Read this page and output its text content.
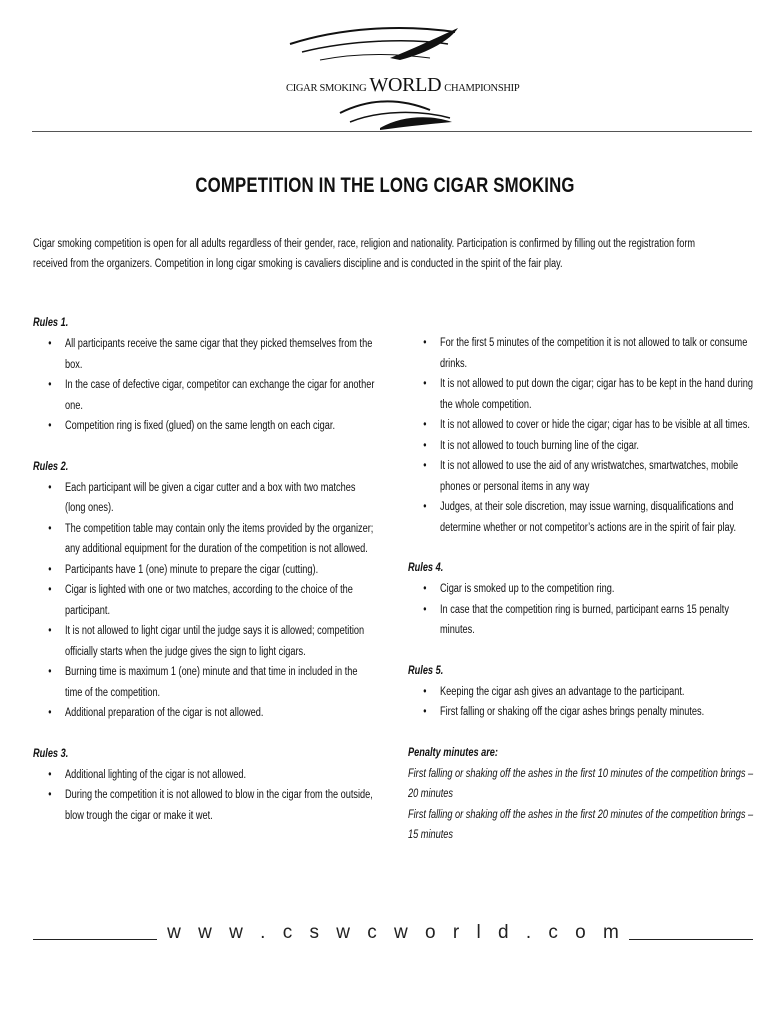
CIGAR SMOKING WORLD CHAMPIONSHIP
COMPETITION IN THE LONG CIGAR SMOKING
Cigar smoking competition is open for all adults regardless of their gender, race, religion and nationality. Participation is confirmed by filling out the registration form received from the organizers. Competition in long cigar smoking is cavaliers discipline and is conducted in the spirit of the fair play.
Rules 1.
• All participants receive the same cigar that they picked themselves from the box.
• In the case of defective cigar, competitor can exchange the cigar for another one.
• Competition ring is fixed (glued) on the same length on each cigar.
Rules 2.
• Each participant will be given a cigar cutter and a box with two matches (long ones).
• The competition table may contain only the items provided by the organizer; any additional equipment for the duration of the competition is not allowed.
• Participants have 1 (one) minute to prepare the cigar (cutting).
• Cigar is lighted with one or two matches, according to the choice of the participant.
• It is not allowed to light cigar until the judge says it is allowed; competition officially starts when the judge gives the sign to light cigars.
• Burning time is maximum 1 (one) minute and that time in included in the time of the competition.
• Additional preparation of the cigar is not allowed.
Rules 3.
• Additional lighting of the cigar is not allowed.
• During the competition it is not allowed to blow in the cigar from the outside, blow trough the cigar or make it wet.
• For the first 5 minutes of the competition it is not allowed to talk or consume drinks.
• It is not allowed to put down the cigar; cigar has to be kept in the hand during the whole competition.
• It is not allowed to cover or hide the cigar; cigar has to be visible at all times.
• It is not allowed to touch burning line of the cigar.
• It is not allowed to use the aid of any wristwatches, smartwatches, mobile phones or personal items in any way
• Judges, at their sole discretion, may issue warning, disqualifications and determine whether or not competitor’s actions are in the spirit of fair play.
Rules 4.
• Cigar is smoked up to the competition ring.
• In case that the competition ring is burned, participant earns 15 penalty minutes.
Rules 5.
• Keeping the cigar ash gives an advantage to the participant.
• First falling or shaking off the cigar ashes brings penalty minutes.
Penalty minutes are:
First falling or shaking off the ashes in the first 10 minutes of the competition brings – 20 minutes
First falling or shaking off the ashes in the first 20 minutes of the competition brings – 15 minutes
w w w . c s w c w o r l d . c o m
